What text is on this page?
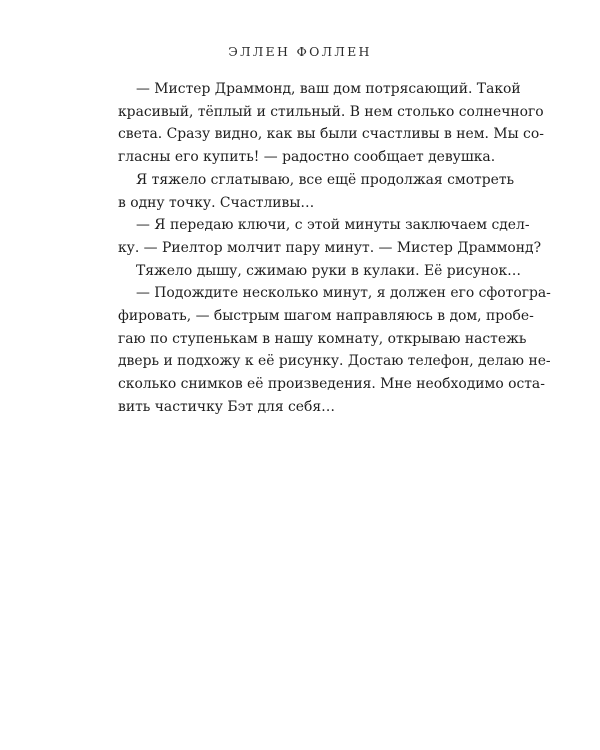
ЭЛЛЕН ФОЛЛЕН
— Мистер Драммонд, ваш дом потрясающий. Такой
красивый, тёплый и стильный. В нем столько солнечного
света. Сразу видно, как вы были счастливы в нем. Мы со-
гласны его купить! — радостно сообщает девушка.
Я тяжело сглатываю, все ещё продолжая смотреть
в одну точку. Счастливы…
— Я передаю ключи, с этой минуты заключаем сдел-
ку. — Риелтор молчит пару минут. — Мистер Драммонд?
Тяжело дышу, сжимаю руки в кулаки. Её рисунок…
— Подождите несколько минут, я должен его сфотогра-
фировать, — быстрым шагом направляюсь в дом, пробе-
гаю по ступенькам в нашу комнату, открываю настежь
дверь и подхожу к её рисунку. Достаю телефон, делаю не-
сколько снимков её произведения. Мне необходимо остa-
вить частичку Бэт для себя…
